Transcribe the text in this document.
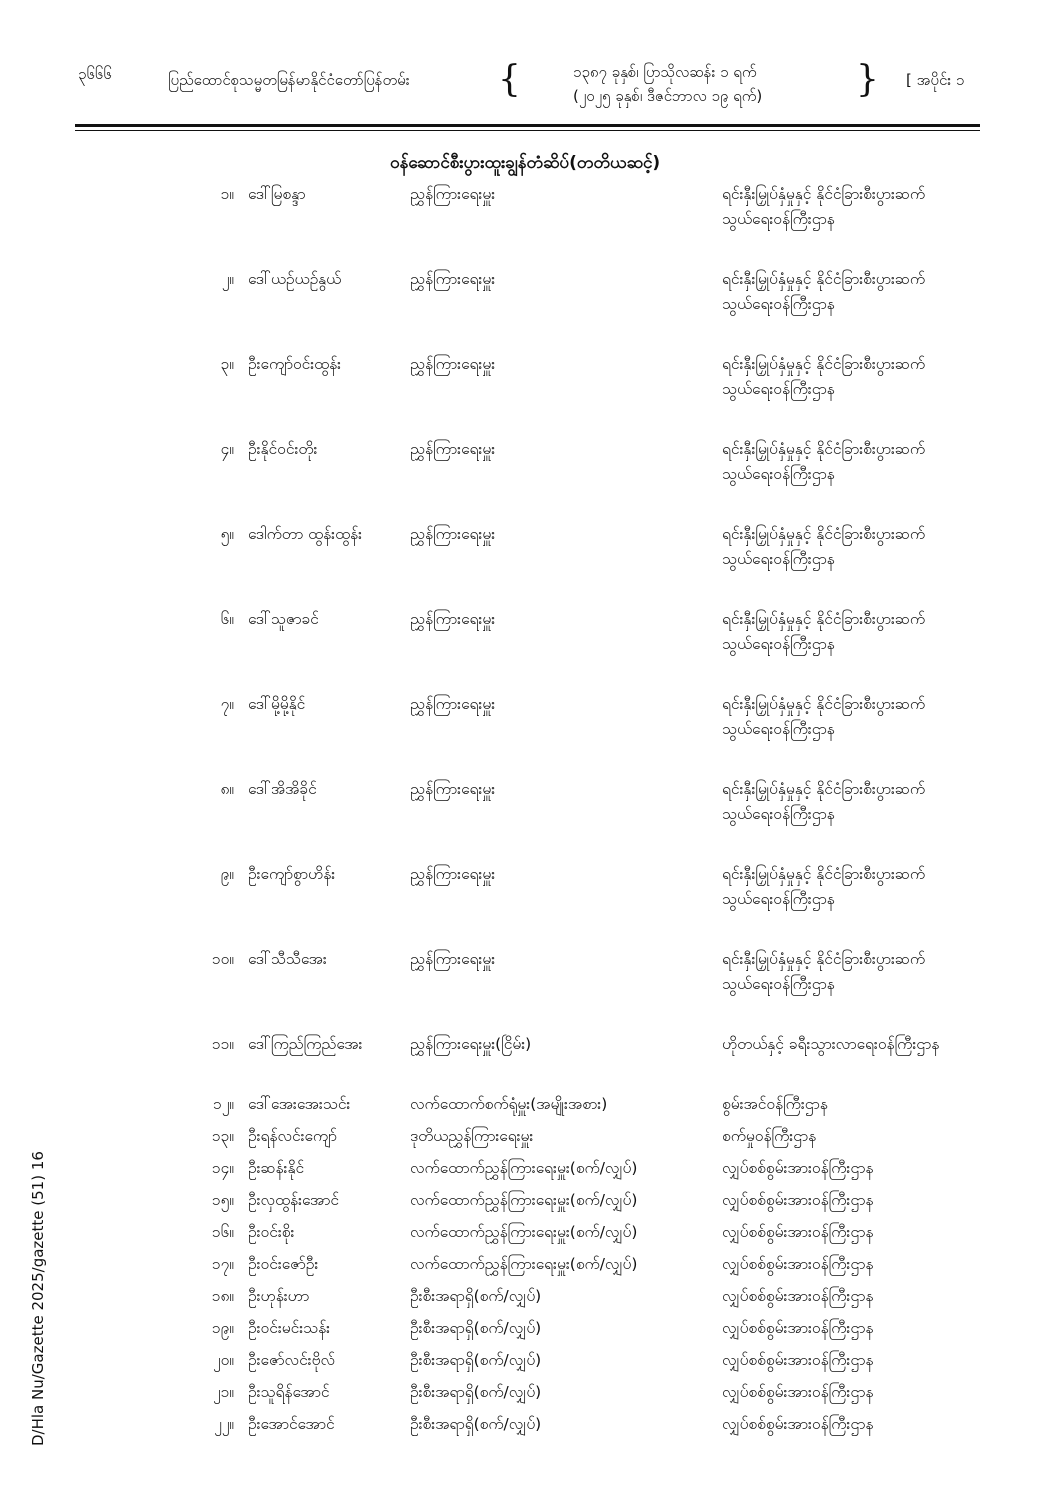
၃၆၆၆	ပြည်ထောင်စုသမ္မတမြန်မာနိုင်ငံတော်ပြန်တမ်း {	၁၃၈၇ ခုနှစ်၊ ပြာသိုလဆန်း ၁ ရက်
(၂၀၂၅ ခုနှစ်၊ ဒီဇင်ဘာလ ၁၉ ရက်)	} [ အပိုင်း ၁
ဝန်ဆောင်စီးပွားထူးချွန်တံဆိပ်(တတိယဆင့်)
၁။ ဒေါ်မြစန္ဒာ	ညွှန်ကြားရေးမှူး	ရင်းနှီးမြှုပ်နှံမှုနှင့် နိုင်ငံခြားစီးပွားဆက်သွယ်ရေးဝန်ကြီးဌာန
၂။ ဒေါ်ယဉ်ယဉ်နွယ်	ညွှန်ကြားရေးမှူး	ရင်းနှီးမြှုပ်နှံမှုနှင့် နိုင်ငံခြားစီးပွားဆက်သွယ်ရေးဝန်ကြီးဌာန
၃။ ဦးကျော်ဝင်းထွန်း	ညွှန်ကြားရေးမှူး	ရင်းနှီးမြှုပ်နှံမှုနှင့် နိုင်ငံခြားစီးပွားဆက်သွယ်ရေးဝန်ကြီးဌာန
၄။ ဦးနိုင်ဝင်းတိုး	ညွှန်ကြားရေးမှူး	ရင်းနှီးမြှုပ်နှံမှုနှင့် နိုင်ငံခြားစီးပွားဆက်သွယ်ရေးဝန်ကြီးဌာန
၅။ ဒေါက်တာ ထွန်းထွန်း	ညွှန်ကြားရေးမှူး	ရင်းနှီးမြှုပ်နှံမှုနှင့် နိုင်ငံခြားစီးပွားဆက်သွယ်ရေးဝန်ကြီးဌာန
၆။ ဒေါ်သူဇာခင်	ညွှန်ကြားရေးမှူး	ရင်းနှီးမြှုပ်နှံမှုနှင့် နိုင်ငံခြားစီးပွားဆက်သွယ်ရေးဝန်ကြီးဌာန
၇။ ဒေါ်မို့မို့နိုင်	ညွှန်ကြားရေးမှူး	ရင်းနှီးမြှုပ်နှံမှုနှင့် နိုင်ငံခြားစီးပွားဆက်သွယ်ရေးဝန်ကြီးဌာန
၈။ ဒေါ်အိအိခိုင်	ညွှန်ကြားရေးမှူး	ရင်းနှီးမြှုပ်နှံမှုနှင့် နိုင်ငံခြားစီးပွားဆက်သွယ်ရေးဝန်ကြီးဌာန
၉။ ဦးကျော်စွာဟိန်း	ညွှန်ကြားရေးမှူး	ရင်းနှီးမြှုပ်နှံမှုနှင့် နိုင်ငံခြားစီးပွားဆက်သွယ်ရေးဝန်ကြီးဌာန
၁၀။ ဒေါ်သီသီအေး	ညွှန်ကြားရေးမှူး	ရင်းနှီးမြှုပ်နှံမှုနှင့် နိုင်ငံခြားစီးပွားဆက်သွယ်ရေးဝန်ကြီးဌာန
၁၁။ ဒေါ်ကြည်ကြည်အေး	ညွှန်ကြားရေးမှူး(ငြိမ်း)	ဟိုတယ်နှင့် ခရီးသွားလာရေးဝန်ကြီးဌာန
၁၂။ ဒေါ်အေးအေးသင်း	လက်ထောက်စက်ရုံမှူး(အမျိုးအစား)	စွမ်းအင်ဝန်ကြီးဌာန
၁၃။ ဦးရန်လင်းကျော်	ဒုတိယညွှန်ကြားရေးမှူး	စက်မှုဝန်ကြီးဌာန
၁၄။ ဦးဆန်းနိုင်	လက်ထောက်ညွှန်ကြားရေးမှူး(စက်/လျှပ်)	လျှပ်စစ်စွမ်းအားဝန်ကြီးဌာန
၁၅။ ဦးလှထွန်းအောင်	လက်ထောက်ညွှန်ကြားရေးမှူး(စက်/လျှပ်)	လျှပ်စစ်စွမ်းအားဝန်ကြီးဌာန
၁၆။ ဦးဝင်းစိုး	လက်ထောက်ညွှန်ကြားရေးမှူး(စက်/လျှပ်)	လျှပ်စစ်စွမ်းအားဝန်ကြီးဌာန
၁၇။ ဦးဝင်းဇော်ဦး	လက်ထောက်ညွှန်ကြားရေးမှူး(စက်/လျှပ်)	လျှပ်စစ်စွမ်းအားဝန်ကြီးဌာန
၁၈။ ဦးဟုန်းဟာ	ဦးစီးအရာရှိ(စက်/လျှပ်)	လျှပ်စစ်စွမ်းအားဝန်ကြီးဌာန
၁၉။ ဦးဝင်းမင်းသန်း	ဦးစီးအရာရှိ(စက်/လျှပ်)	လျှပ်စစ်စွမ်းအားဝန်ကြီးဌာန
၂၀။ ဦးဇော်လင်းဗိုလ်	ဦးစီးအရာရှိ(စက်/လျှပ်)	လျှပ်စစ်စွမ်းအားဝန်ကြီးဌာန
၂၁။ ဦးသူရိန်အောင်	ဦးစီးအရာရှိ(စက်/လျှပ်)	လျှပ်စစ်စွမ်းအားဝန်ကြီးဌာန
၂၂။ ဦးအောင်အောင်	ဦးစီးအရာရှိ(စက်/လျှပ်)	လျှပ်စစ်စွမ်းအားဝန်ကြီးဌာန
D/Hla Nu/Gazette 2025/gazette (51) 16
